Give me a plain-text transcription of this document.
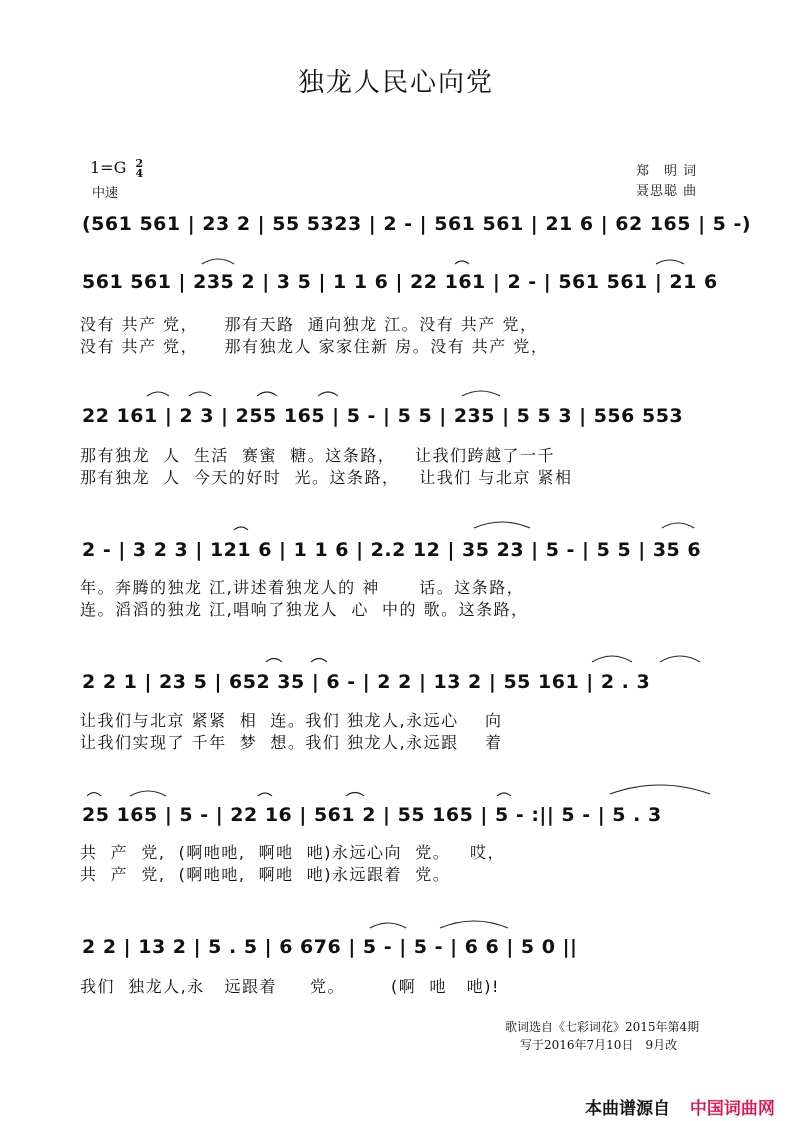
独龙人民心向党
1=G 2
4
中速
郑　明 词
聂思聪 曲
(561 561 | 23 2 | 55 5323 | 2 - | 561 561 | 21 6 | 62 165 | 5 -)
561 561 | 235 2 | 3 5 | 1 1 6 | 22 161 | 2 - | 561 561 | 21 6
没有 共产 党，    那有天路  通向独龙 江。没有 共产 党，
没有 共产 党，    那有独龙人 家家住新 房。没有 共产 党，
22 161 | 2 3 | 255 165 | 5 - | 5 5 | 235 | 5 5 3 | 556 553
那有独龙  人  生活  赛蜜  糖。这条路，   让我们跨越了一千
那有独龙  人  今天的好时  光。这条路，   让我们 与北京 紧相
2 - | 3 2 3 | 121 6 | 1 1 6 | 2.2 12 | 35 23 | 5 - | 5 5 | 35 6
年。奔腾的独龙 江,讲述着独龙人的 神      话。这条路，
连。滔滔的独龙 江,唱响了独龙人  心  中的 歌。这条路，
2 2 1 | 23 5 | 652 35 | 6 - | 2 2 | 13 2 | 55 161 | 2 . 3
让我们与北京 紧紧  相  连。我们 独龙人,永远心    向
让我们实现了 千年  梦  想。我们 独龙人,永远跟    着
25 165 | 5 - | 22 16 | 561 2 | 55 165 | 5 - :|| 5 - | 5 . 3
共  产  党,  (啊吔吔,  啊吔  吔)永远心向  党。   哎，
共  产  党,  (啊吔吔,  啊吔  吔)永远跟着  党。
2 2 | 13 2 | 5 . 5 | 6 676 | 5 - | 5 - | 6 6 | 5 0 ||
我们  独龙人,永   远跟着     党。       (啊  吔   吔)!
歌词选自《七彩词花》2015年第4期
写于2016年7月10日　9月改
本曲谱源自 中国词曲网
